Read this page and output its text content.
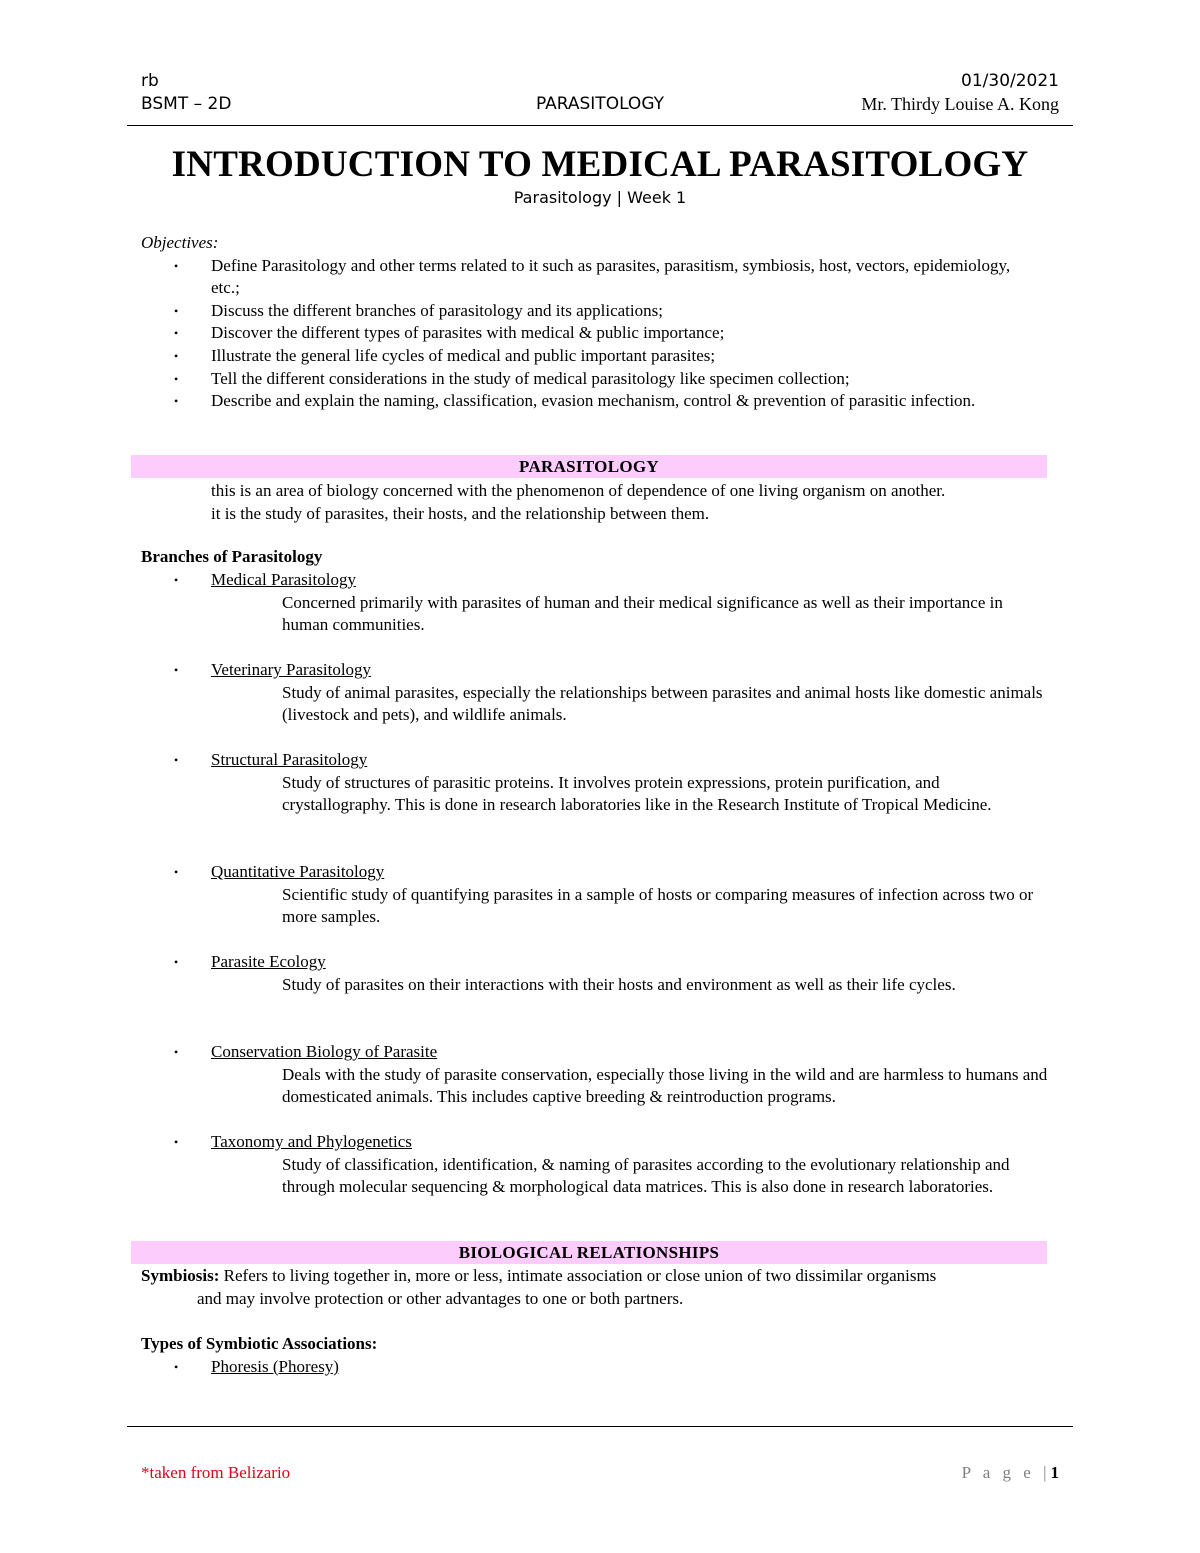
rb	01/30/2021
BSMT – 2D	PARASITOLOGY	Mr. Thirdy Louise A. Kong
INTRODUCTION TO MEDICAL PARASITOLOGY
Parasitology | Week 1
Objectives:
• Define Parasitology and other terms related to it such as parasites, parasitism, symbiosis, host, vectors, epidemiology, etc.;
• Discuss the different branches of parasitology and its applications;
• Discover the different types of parasites with medical & public importance;
• Illustrate the general life cycles of medical and public important parasites;
• Tell the different considerations in the study of medical parasitology like specimen collection;
• Describe and explain the naming, classification, evasion mechanism, control & prevention of parasitic infection.
PARASITOLOGY
this is an area of biology concerned with the phenomenon of dependence of one living organism on another.
it is the study of parasites, their hosts, and the relationship between them.
Branches of Parasitology
• Medical Parasitology
Concerned primarily with parasites of human and their medical significance as well as their importance in human communities.
• Veterinary Parasitology
Study of animal parasites, especially the relationships between parasites and animal hosts like domestic animals (livestock and pets), and wildlife animals.
• Structural Parasitology
Study of structures of parasitic proteins. It involves protein expressions, protein purification, and crystallography. This is done in research laboratories like in the Research Institute of Tropical Medicine.
• Quantitative Parasitology
Scientific study of quantifying parasites in a sample of hosts or comparing measures of infection across two or more samples.
• Parasite Ecology
Study of parasites on their interactions with their hosts and environment as well as their life cycles.
• Conservation Biology of Parasite
Deals with the study of parasite conservation, especially those living in the wild and are harmless to humans and domesticated animals. This includes captive breeding & reintroduction programs.
• Taxonomy and Phylogenetics
Study of classification, identification, & naming of parasites according to the evolutionary relationship and through molecular sequencing & morphological data matrices. This is also done in research laboratories.
BIOLOGICAL RELATIONSHIPS
Symbiosis: Refers to living together in, more or less, intimate association or close union of two dissimilar organisms
and may involve protection or other advantages to one or both partners.
Types of Symbiotic Associations:
• Phoresis (Phoresy)
*taken from Belizario	P a g e |1
